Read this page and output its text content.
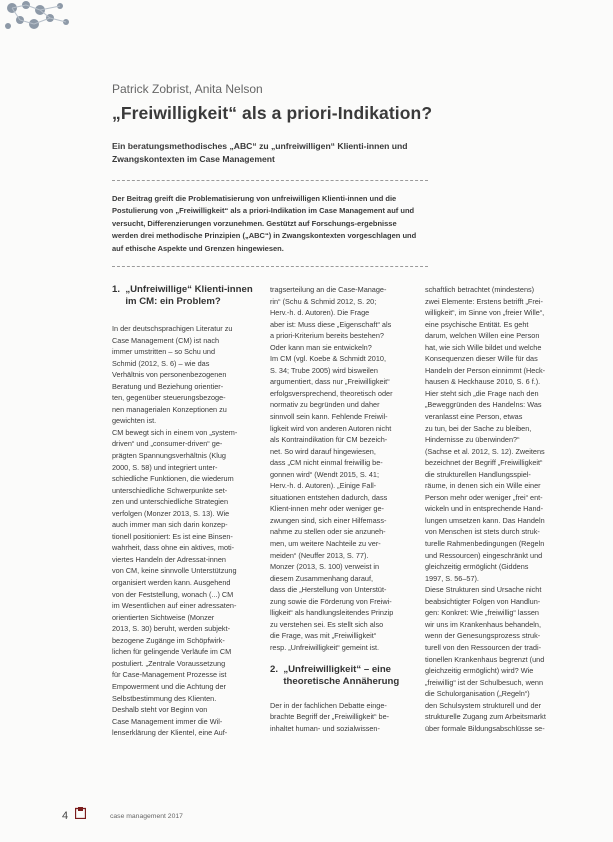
Patrick Zobrist, Anita Nelson
„Freiwilligkeit“ als a priori-Indikation?
Ein beratungsmethodisches „ABC“ zu „unfreiwilligen“ Klienti-innen und Zwangskontexten im Case Management
Der Beitrag greift die Problematisierung von unfreiwilligen Klienti-innen und die Postulierung von „Freiwilligkeit“ als a priori-Indikation im Case Management auf und versucht, Differenzierungen vorzunehmen. Gestützt auf Forschungs-ergebnisse werden drei methodische Prinzipien („ABC“) in Zwangskontexten vorgeschlagen und auf ethische Aspekte und Grenzen hingewiesen.
1.  „Unfreiwillige“ Klienti-innen
im CM: ein Problem?

In der deutschsprachigen Literatur zu

Case Management (CM) ist nach

immer umstritten – so Schu und

Schmid (2012, S. 6) – wie das

Verhältnis von personenbezogenen

Beratung und Beziehung orientier-

ten, gegenüber steuerungsbezoge-

nen managerialen Konzeptionen zu

gewichten ist.

CM bewegt sich in einem von „system-

driven“ und „consumer-driven“ ge-

prägten Spannungsverhältnis (Klug

2000, S. 58) und integriert unter-

schiedliche Funktionen, die wiederum

unterschiedliche Schwerpunkte set-

zen und unterschiedliche Strategien

verfolgen (Monzer 2013, S. 13). Wie

auch immer man sich darin konzep-

tionell positioniert: Es ist eine Binsen-

wahrheit, dass ohne ein aktives, moti-

viertes Handeln der Adressat-innen

von CM, keine sinnvolle Unterstützung

organisiert werden kann. Ausgehend

von der Feststellung, wonach (...) CM

im Wesentlichen auf einer adressaten-

orientierten Sichtweise (Monzer

2013, S. 30) beruht, werden subjekt-

bezogene Zugänge im Schöpfwirk-

lichen für gelingende Verläufe im CM

postuliert. „Zentrale Voraussetzung

für Case-Management Prozesse ist

Empowerment und die Achtung der

Selbstbestimmung des Klienten.

Deshalb steht vor Beginn von

Case Management immer die Wil-

lenserklärung der Klientel, eine Auf-

tragserteilung an die Case-Manage-

rin“ (Schu & Schmid 2012, S. 20;

Herv.-h. d. Autoren). Die Frage

aber ist: Muss diese „Eigenschaft“ als

a priori-Kriterium bereits bestehen?

Oder kann man sie entwickeln?

Im CM (vgl. Koebe & Schmidt 2010,

S. 34; Trube 2005) wird bisweilen

argumentiert, dass nur „Freiwilligkeit“

erfolgsversprechend, theoretisch oder

normativ zu begründen und daher

sinnvoll sein kann. Fehlende Freiwil-

ligkeit wird von anderen Autoren nicht

als Kontraindikation für CM bezeich-

net. So wird darauf hingewiesen,

dass „CM nicht einmal freiwillig be-

gonnen wird“ (Wendt 2015, S. 41;

Herv.-h. d. Autoren). „Einige Fall-

situationen entstehen dadurch, dass

Klient-innen mehr oder weniger ge-

zwungen sind, sich einer Hilfemass-

nahme zu stellen oder sie anzuneh-

men, um weitere Nachteile zu ver-

meiden“ (Neuffer 2013, S. 77).

Monzer (2013, S. 100) verweist in

diesem Zusammenhang darauf,

dass die „Herstellung von Unterstüt-

zung sowie die Förderung von Freiwi-

lligkeit“ als handlungsleitendes Prinzip

zu verstehen sei. Es stellt sich also

die Frage, was mit „Freiwilligkeit“

resp. „Unfreiwilligkeit“ gemeint ist.

Der in der fachlichen Debatte einge-

brachte Begriff der „Freiwilligkeit“ be-

inhaltet human- und sozialwissen-

schaftlich betrachtet (mindestens)

zwei Elemente: Erstens betrifft „Frei-

willigkeit“, im Sinne von „freier Wille“,

eine psychische Entität. Es geht

darum, welchen Willen eine Person

hat, wie sich Wille bildet und welche

Konsequenzen dieser Wille für das

Handeln der Person einnimmt (Heck-

hausen & Heckhause 2010, S. 6 f.).

Hier steht sich „die Frage nach den

„Beweggründen des Handelns: Was

veranlasst eine Person, etwas

zu tun, bei der Sache zu bleiben,

Hindernisse zu überwinden?“

(Sachse et al. 2012, S. 12). Zweitens

bezeichnet der Begriff „Freiwilligkeit“

die strukturellen Handlungsspiel-

räume, in denen sich ein Wille einer

Person mehr oder weniger „frei“ ent-

wickeln und in entsprechende Hand-

lungen umsetzen kann. Das Handeln

von Menschen ist stets durch struk-

turelle Rahmenbedingungen (Regeln

und Ressourcen) eingeschränkt und

gleichzeitig ermöglicht (Giddens

1997, S. 56–57).

Diese Strukturen sind Ursache nicht

beabsichtigter Folgen von Handlun-

gen: Konkret: Wie „freiwillig“ lassen

wir uns im Krankenhaus behandeln,

wenn der Genesungsprozess struk-

turell von den Ressourcen der tradi-

tionellen Krankenhaus begrenzt (und

gleichzeitig ermöglicht) wird? Wie

„freiwillig“ ist der Schulbesuch, wenn

die Schulorganisation („Regeln“)

den Schulsystem strukturell und der

strukturelle Zugang zum Arbeitsmarkt

über formale Bildungsabschlüsse se-

2.  „Unfreiwilligkeit“ – eine
theoretische Annäherung
4	case management 2017
